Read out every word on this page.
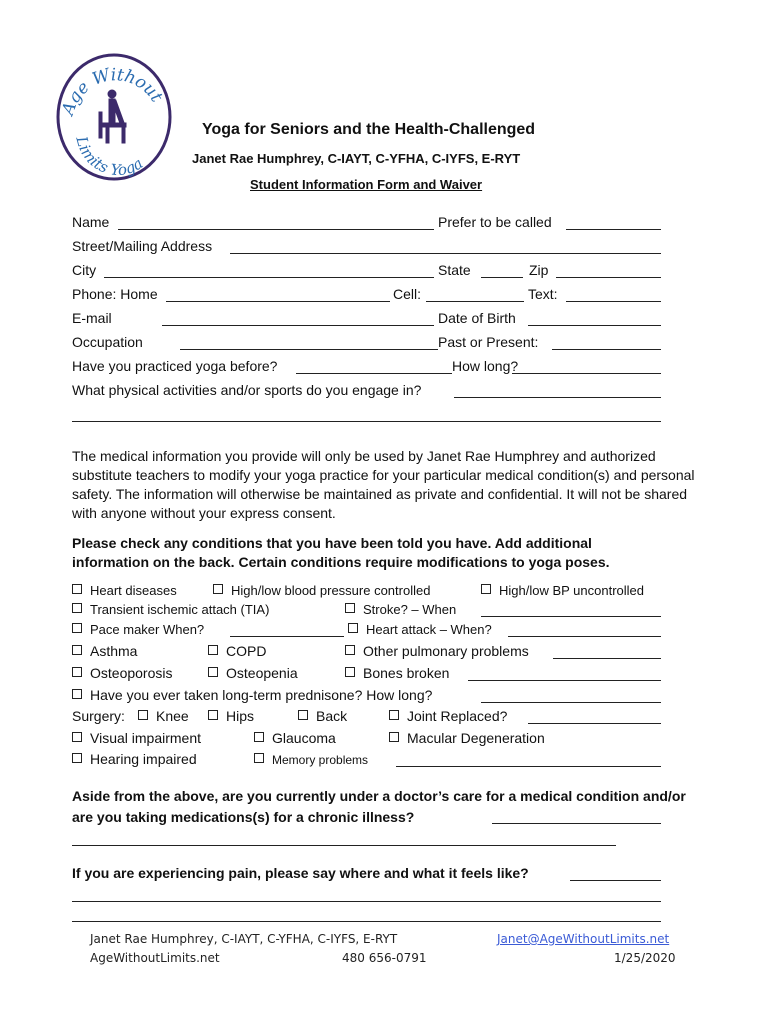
Age Without
Limits Yoga
Yoga for Seniors and the Health-Challenged
Janet Rae Humphrey, C-IAYT, C-YFHA, C-IYFS, E-RYT
Student Information Form and Waiver
Name	Prefer to be called
Street/Mailing Address
City	State	Zip
Phone: Home	Cell:	Text:
E-mail	Date of Birth
Occupation	Past or Present:
Have you practiced yoga before?	How long?
What physical activities and/or sports do you engage in?
The medical information you provide will only be used by Janet Rae Humphrey and authorized substitute teachers to modify your yoga practice for your particular medical condition(s) and personal safety. The information will otherwise be maintained as private and confidential. It will not be shared with anyone without your express consent.
Please check any conditions that you have been told you have. Add additional information on the back. Certain conditions require modifications to yoga poses.
Heart diseases	High/low blood pressure controlled	High/low BP uncontrolled
Transient ischemic attach (TIA)	Stroke? – When
Pace maker When?	Heart attack – When?
Asthma	COPD	Other pulmonary problems
Osteoporosis	Osteopenia	Bones broken
Have you ever taken long-term prednisone? How long?
Surgery:	Knee	Hips	Back	Joint Replaced?
Visual impairment	Glaucoma	Macular Degeneration
Hearing impaired	Memory problems
Aside from the above, are you currently under a doctor’s care for a medical condition and/or are you taking medications(s) for a chronic illness?
If you are experiencing pain, please say where and what it feels like?
Janet Rae Humphrey, C-IAYT, C-YFHA, C-IYFS, E-RYT
AgeWithoutLimits.net	480 656-0791
Janet@AgeWithoutLimits.net
1/25/2020
